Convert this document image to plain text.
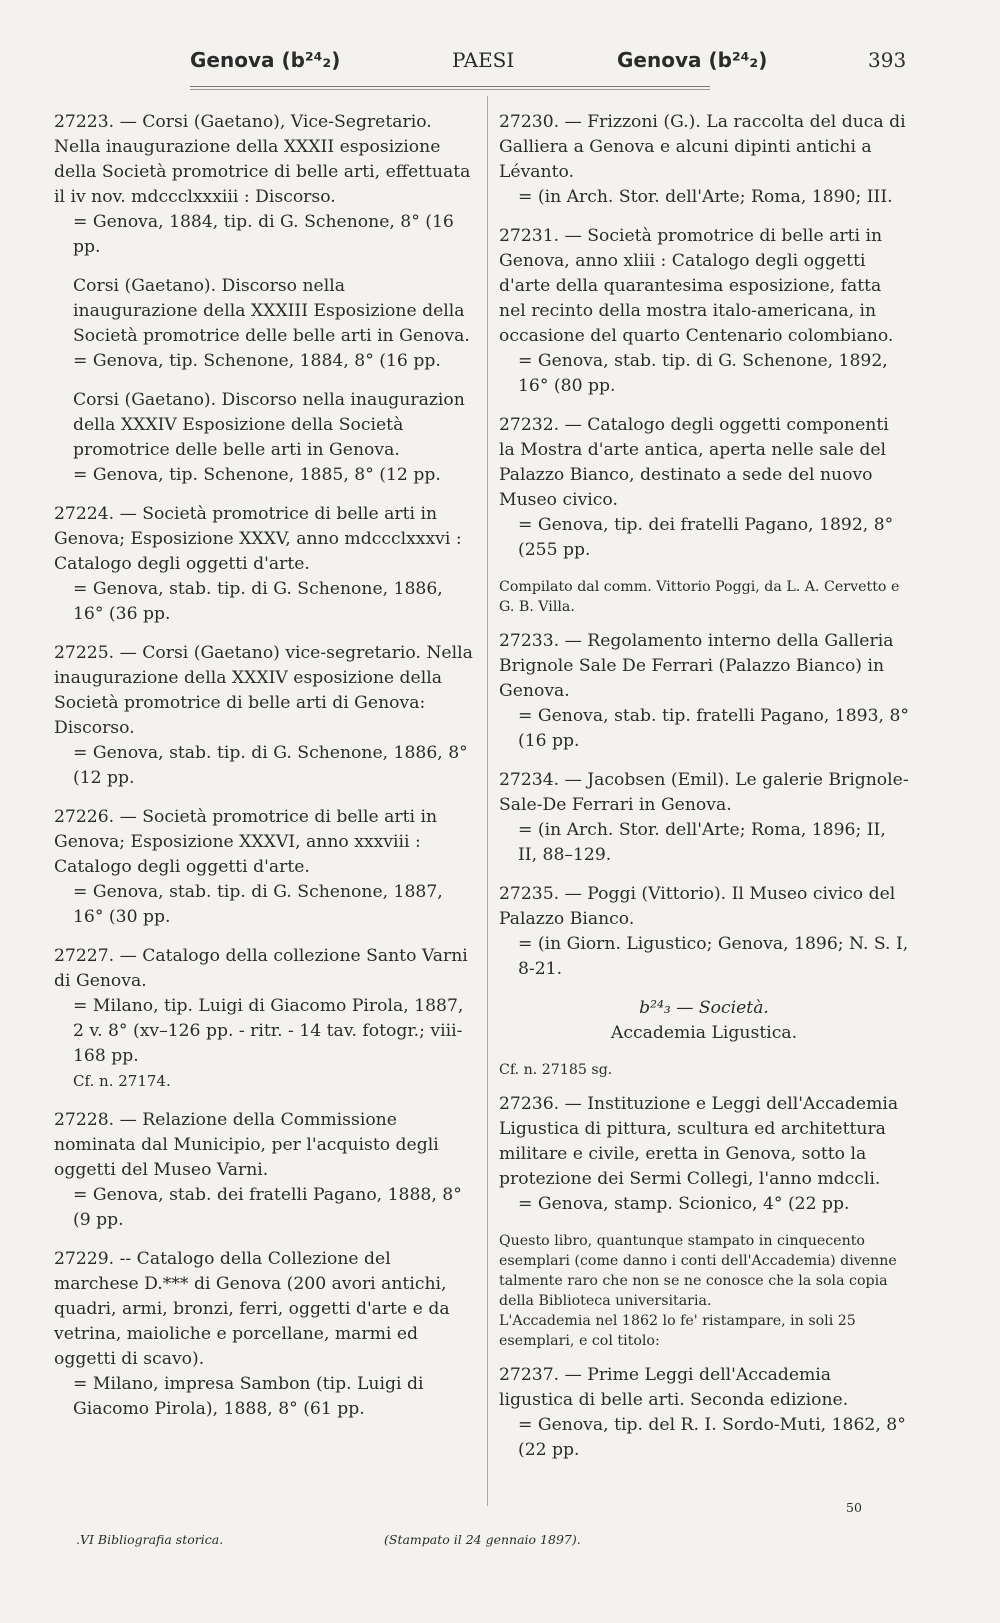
Genova (b²⁴₂)	PAESI	Genova (b²⁴₂)	393

27223. — Corsi (Gaetano), Vice-Segretario. Nella inaugurazione della XXXII esposizione della Società promotrice di belle arti, effettuata il iv nov. mdccclxxxiii : Discorso.

= Genova, 1884, tip. di G. Schenone, 8° (16 pp.

Corsi (Gaetano). Discorso nella inaugurazione della XXXIII Esposizione della Società promotrice delle belle arti in Genova.

= Genova, tip. Schenone, 1884, 8° (16 pp.

Corsi (Gaetano). Discorso nella inaugurazion della XXXIV Esposizione della Società promotrice delle belle arti in Genova.

= Genova, tip. Schenone, 1885, 8° (12 pp.

27224. — Società promotrice di belle arti in Genova; Esposizione XXXV, anno mdccclxxxvi : Catalogo degli oggetti d'arte.

= Genova, stab. tip. di G. Schenone, 1886, 16° (36 pp.

27225. — Corsi (Gaetano) vice-segretario. Nella inaugurazione della XXXIV esposizione della Società promotrice di belle arti di Genova: Discorso.

= Genova, stab. tip. di G. Schenone, 1886, 8° (12 pp.

27226. — Società promotrice di belle arti in Genova; Esposizione XXXVI, anno xxxviii : Catalogo degli oggetti d'arte.

= Genova, stab. tip. di G. Schenone, 1887, 16° (30 pp.

27227. — Catalogo della collezione Santo Varni di Genova.

= Milano, tip. Luigi di Giacomo Pirola, 1887, 2 v. 8° (xv–126 pp. - ritr. - 14 tav. fotogr.; viii-168 pp.

Cf. n. 27174.

27228. — Relazione della Commissione nominata dal Municipio, per l'acquisto degli oggetti del Museo Varni.

= Genova, stab. dei fratelli Pagano, 1888, 8° (9 pp.

27229. -- Catalogo della Collezione del marchese D.*** di Genova (200 avori antichi, quadri, armi, bronzi, ferri, oggetti d'arte e da vetrina, maioliche e porcellane, marmi ed oggetti di scavo).

= Milano, impresa Sambon (tip. Luigi di Giacomo Pirola), 1888, 8° (61 pp.

27230. — Frizzoni (G.). La raccolta del duca di Galliera a Genova e alcuni dipinti antichi a Lévanto.

= (in Arch. Stor. dell'Arte; Roma, 1890; III.

27231. — Società promotrice di belle arti in Genova, anno xliii : Catalogo degli oggetti d'arte della quarantesima esposizione, fatta nel recinto della mostra italo-americana, in occasione del quarto Centenario colombiano.

= Genova, stab. tip. di G. Schenone, 1892, 16° (80 pp.

27232. — Catalogo degli oggetti componenti la Mostra d'arte antica, aperta nelle sale del Palazzo Bianco, destinato a sede del nuovo Museo civico.

= Genova, tip. dei fratelli Pagano, 1892, 8° (255 pp.

Compilato dal comm. Vittorio Poggi, da L. A. Cervetto e G. B. Villa.

27233. — Regolamento interno della Galleria Brignole Sale De Ferrari (Palazzo Bianco) in Genova.

= Genova, stab. tip. fratelli Pagano, 1893, 8° (16 pp.

27234. — Jacobsen (Emil). Le galerie Brignole-Sale-De Ferrari in Genova.

= (in Arch. Stor. dell'Arte; Roma, 1896; II, II, 88–129.

27235. — Poggi (Vittorio). Il Museo civico del Palazzo Bianco.

= (in Giorn. Ligustico; Genova, 1896; N. S. I, 8-21.

b²⁴₃ — Società.

Accademia Ligustica.

Cf. n. 27185 sg.

27236. — Instituzione e Leggi dell'Accademia Ligustica di pittura, scultura ed architettura militare e civile, eretta in Genova, sotto la protezione dei Sermi Collegi, l'anno mdccli.

= Genova, stamp. Scionico, 4° (22 pp.

Questo libro, quantunque stampato in cinquecento esemplari (come danno i conti dell'Accademia) divenne talmente raro che non se ne conosce che la sola copia della Biblioteca universitaria.

L'Accademia nel 1862 lo fe' ristampare, in soli 25 esemplari, e col titolo:

27237. — Prime Leggi dell'Accademia ligustica di belle arti. Seconda edizione.

= Genova, tip. del R. I. Sordo-Muti, 1862, 8° (22 pp.

50
.VI Bibliografia storica.	(Stampato il 24 gennaio 1897).
